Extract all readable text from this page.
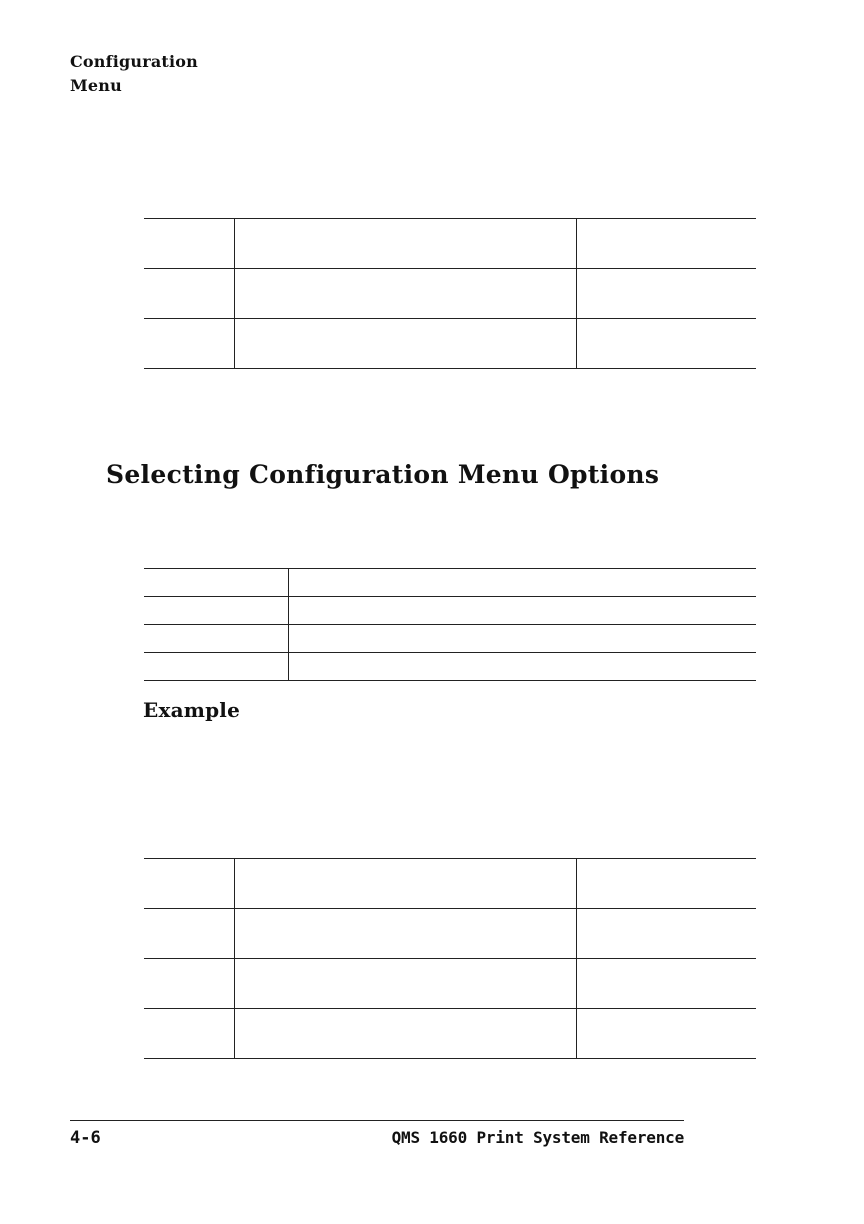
Configuration
Menu

Selecting Configuration Menu Options

Example

4-6	QMS 1660 Print System Reference
